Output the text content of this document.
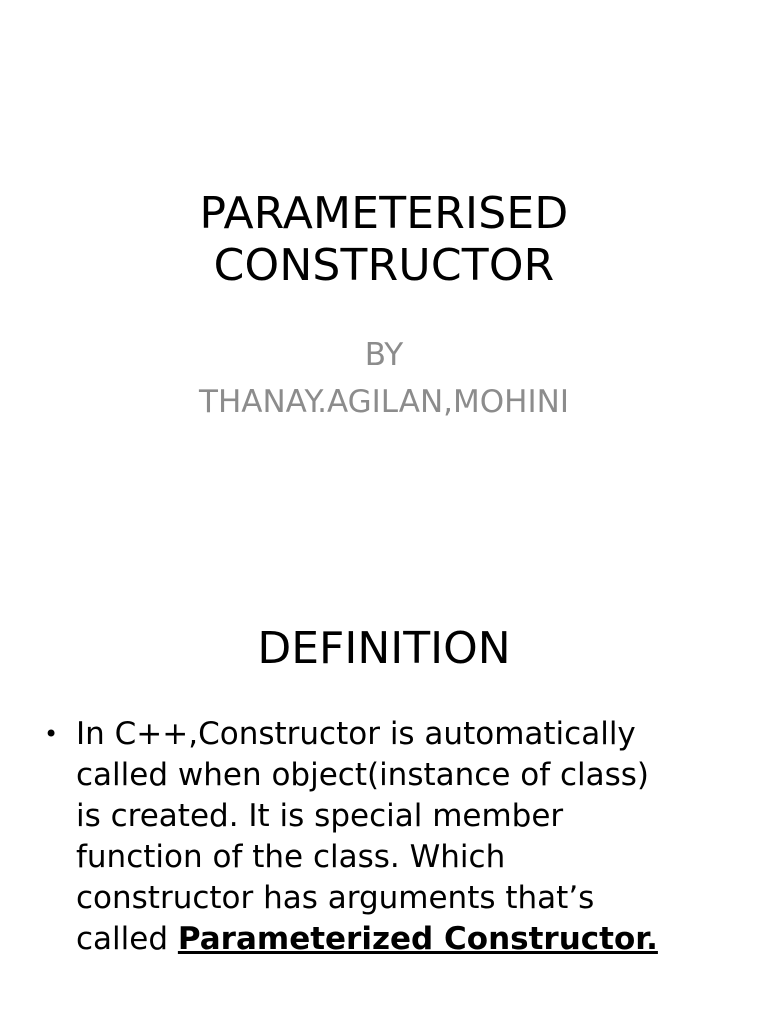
PARAMETERISED
CONSTRUCTOR
BY
THANAY.AGILAN,MOHINI
DEFINITION
• In C++,Constructor is automatically
called when object(instance of class)
is created. It is special member
function of the class. Which
constructor has arguments that’s
called Parameterized Constructor.
